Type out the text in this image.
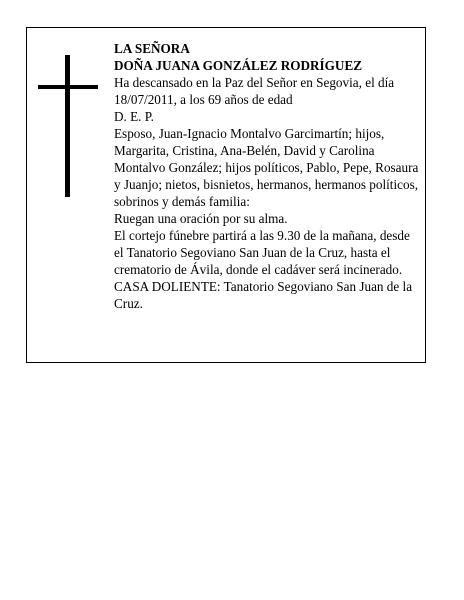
LA SEÑORA

DOÑA JUANA GONZÁLEZ RODRÍGUEZ

Ha descansado en la Paz del Señor en Segovia, el día 18/07/2011, a los 69 años de edad

D. E. P.

Esposo, Juan-Ignacio Montalvo Garcimartín; hijos, Margarita, Cristina, Ana-Belén, David y Carolina Montalvo González; hijos políticos, Pablo, Pepe, Rosaura y Juanjo; nietos, bisnietos, hermanos, hermanos políticos, sobrinos y demás familia:

Ruegan una oración por su alma.

El cortejo fúnebre partirá a las 9.30 de la mañana, desde el Tanatorio Segoviano San Juan de la Cruz, hasta el crematorio de Ávila, donde el cadáver será incinerado.

CASA DOLIENTE: Tanatorio Segoviano San Juan de la Cruz.
